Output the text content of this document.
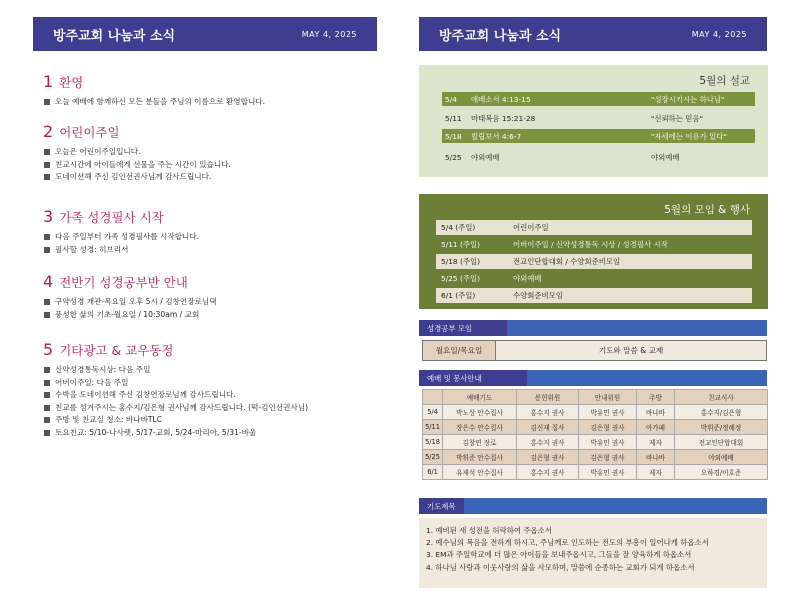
방주교회 나눔과 소식	MAY 4, 2025
1 환영
오늘 예배에 함께하신 모든 분들을 주님의 이름으로 환영합니다.
2 어린이주일
오늘은 어린이주일입니다.
친교시간에 아이들에게 선물을 주는 시간이 있습니다.
도네이션해 주신 김인선권사님께 감사드립니다.
3 가족 성경필사 시작
다음 주일부터 가족 성경필사를 시작합니다.
필사할 성경: 히브리서
4 전반기 성경공부반 안내
구약성경 개관-목요일 오후 5시 / 김창연장로님댁
풍성한 삶의 기초-월요일 / 10:30am / 교회
5 기타광고 & 교우동정
신약성경통독시상: 다음 주일
어버이주일: 다음 주일
수박을 도네이션해 주신 김창연장로님께 감사드립니다.
친교를 섬겨주시는 홍수지/김은형 권사님께 감사드립니다. (떡-김인선권사님)
주방 및 친교실 청소: 바나바TLC
토요친교: 5/10-나사렛, 5/17-교회, 5/24-마리아, 5/31-바울
방주교회 나눔과 소식	MAY 4, 2025
5월의 설교
5/4	에베소서 4:13-15	"성장시키시는 하나님"
5/11	마태복음 15:21-28	"신뢰하는 믿음"
5/18	빌립보서 4:6-7	"자세에는 이유가 있다"
5/25	야외예배	야외예배
5월의 모임 & 행사
5/4 (주일)	어린이주일
5/11 (주일)	어버이주일 / 신약성경통독 시상 / 성경필사 시작
5/18 (주일)	전교인단합대회 / 수양회준비모임
5/25 (주일)	야외예배
6/1 (주일)	수양회준비모임
성경공부 모임
월요일/목요일	기도와 말씀 & 교제
예배 및 봉사안내
	예배기도	봉헌위원	안내위원	주방	친교식사
5/4	박노상 안수집사	홍수지 권사	박유민 권사	바나바	홍수지/김은형
5/11	장은수 안수집사	김신재 집사	김은형 권사	아가페	박휘준/정혜정
5/18	김창연 장로	홍수지 권사	박유민 권사	제자	전교인단합대회
5/25	박휘준 안수집사	김은형 권사	김은형 권사	바나바	야외예배
6/1	유재석 안수집사	홍수지 권사	박유민 권사	제자	오하경/이호준
기도제목
1. 예비된 새 성전을 허락하여 주옵소서
2. 예수님의 복음을 전하게 하시고, 주님께로 인도하는 전도의 부흥이 일어나게 하옵소서
3. EM과 주일학교에 더 많은 아이들을 보내주옵시고, 그들을 잘 양육하게 하옵소서
4. 하나님 사랑과 이웃사랑의 삶을 사모하며, 말씀에 순종하는 교회가 되게 하옵소서
